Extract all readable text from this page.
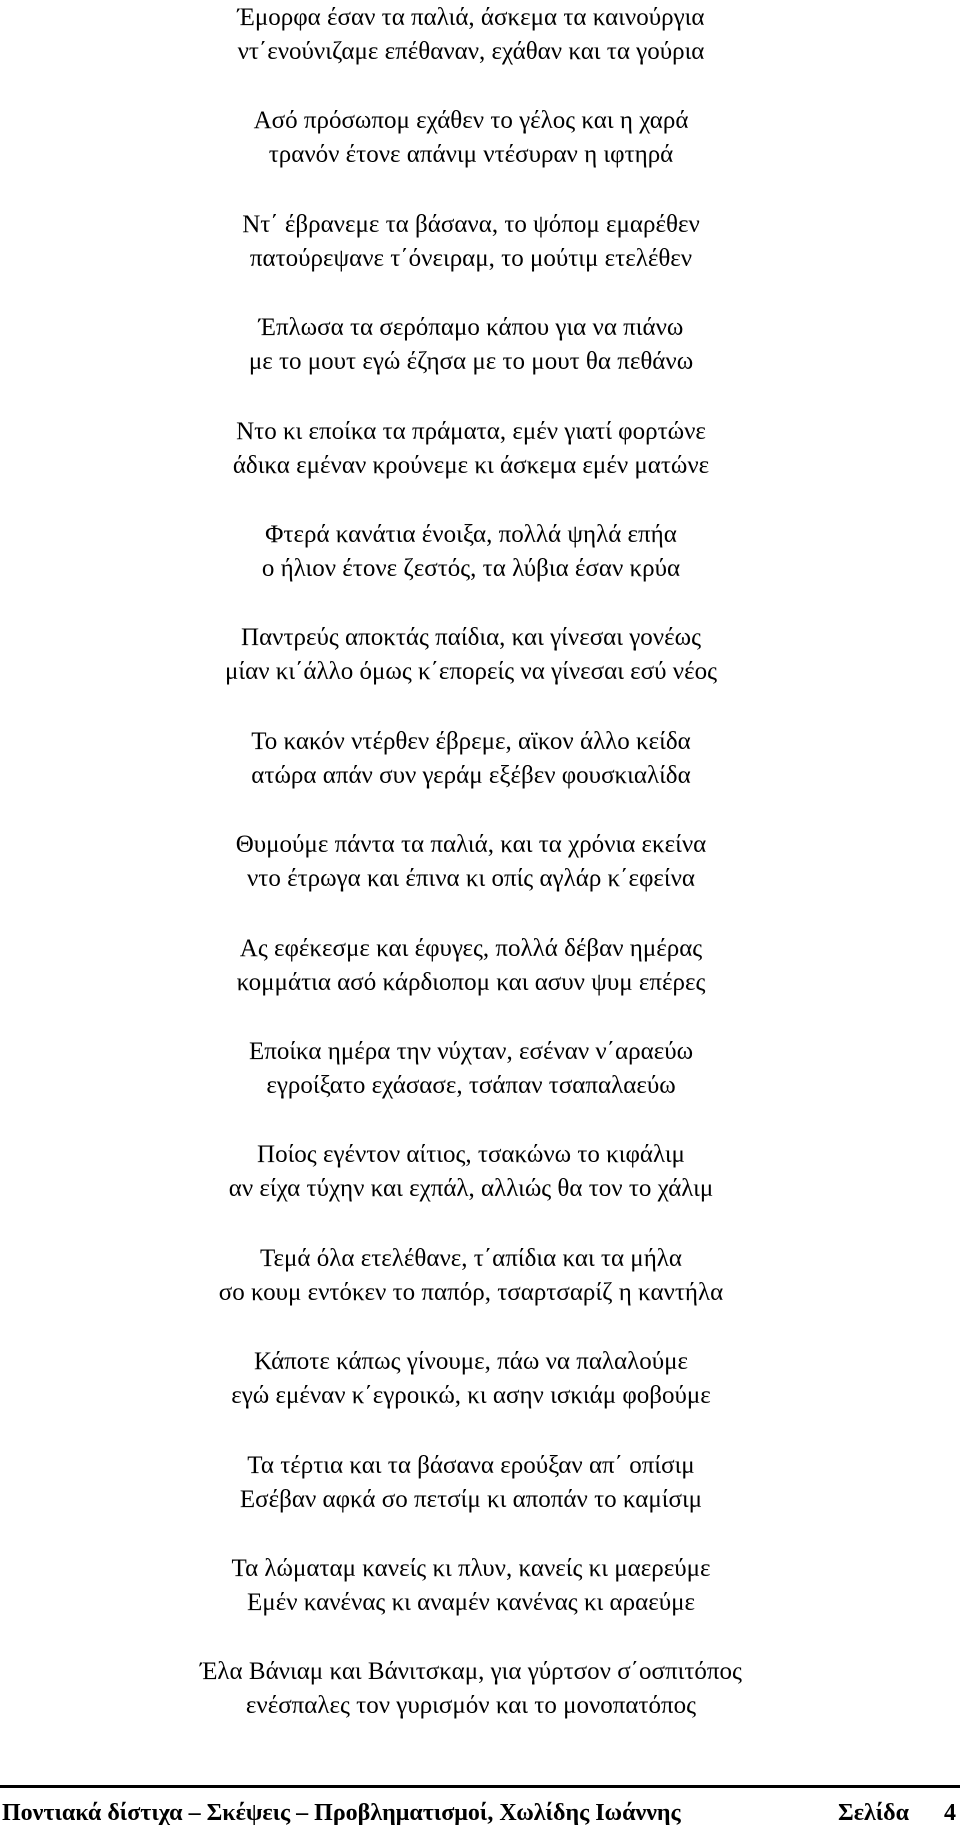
Έμορφα έσαν τα παλιά, άσκεμα τα καινούργια
ντ΄ενούνιζαμε επέθαναν, εχάθαν και τα γούρια
Ασό πρόσωπομ εχάθεν το γέλος και η χαρά
τρανόν έτονε απάνιμ ντέσυραν η ιφτηρά
Ντ΄ έβρανεμε τα βάσανα, το ψόπομ εμαρέθεν
πατούρεψανε τ΄όνειραμ, το μούτιμ ετελέθεν
Έπλωσα τα σερόπαμο κάπου για να πιάνω
με το μουτ εγώ έζησα με το μουτ θα πεθάνω
Ντο κι εποίκα τα πράματα, εμέν γιατί φορτώνε
άδικα εμέναν κρούνεμε κι άσκεμα εμέν ματώνε
Φτερά κανάτια ένοιξα, πολλά ψηλά επήα
ο ήλιον έτονε ζεστός, τα λύβια έσαν κρύα
Παντρεύς αποκτάς παίδια, και γίνεσαι γονέως
μίαν κι΄άλλο όμως κ΄επορείς να γίνεσαι εσύ νέος
Το κακόν ντέρθεν έβρεμε, αϊκον άλλο κείδα
ατώρα απάν συν γεράμ εξέβεν φουσκιαλίδα
Θυμούμε πάντα τα παλιά, και τα χρόνια εκείνα
ντο έτρωγα και έπινα κι οπίς αγλάρ κ΄εφείνα
Ας εφέκεσμε και έφυγες, πολλά δέβαν ημέρας
κομμάτια ασό κάρδιοπομ και ασυν ψυμ επέρες
Εποίκα ημέρα την νύχταν, εσέναν ν΄αραεύω
εγροίξατο εχάσασε, τσάπαν τσαπαλαεύω
Ποίος εγέντον αίτιος, τσακώνω το κιφάλιμ
αν είχα τύχην και εχπάλ, αλλιώς θα τον το χάλιμ
Τεμά όλα ετελέθανε, τ΄απίδια και τα μήλα
σο κουμ εντόκεν το παπόρ, τσαρτσαρίζ η καντήλα
Κάποτε κάπως γίνουμε, πάω να παλαλούμε
εγώ εμέναν κ΄εγροικώ, κι ασην ισκιάμ φοβούμε
Τα τέρτια και τα βάσανα ερούξαν απ΄ οπίσιμ
Εσέβαν αφκά σο πετσίμ κι αποπάν το καμίσιμ
Τα λώματαμ κανείς κι πλυν, κανείς κι μαερεύμε
Εμέν κανένας κι αναμέν κανένας κι αραεύμε
Έλα Βάνιαμ και Βάνιτσκαμ, για γύρτσον σ΄οσπιτόπος
ενέσπαλες τον γυρισμόν και το μονοπατόπος
Ποντιακά δίστιχα – Σκέψεις – Προβληματισμοί, Χωλίδης Ιωάννης	Σελίδα 4
